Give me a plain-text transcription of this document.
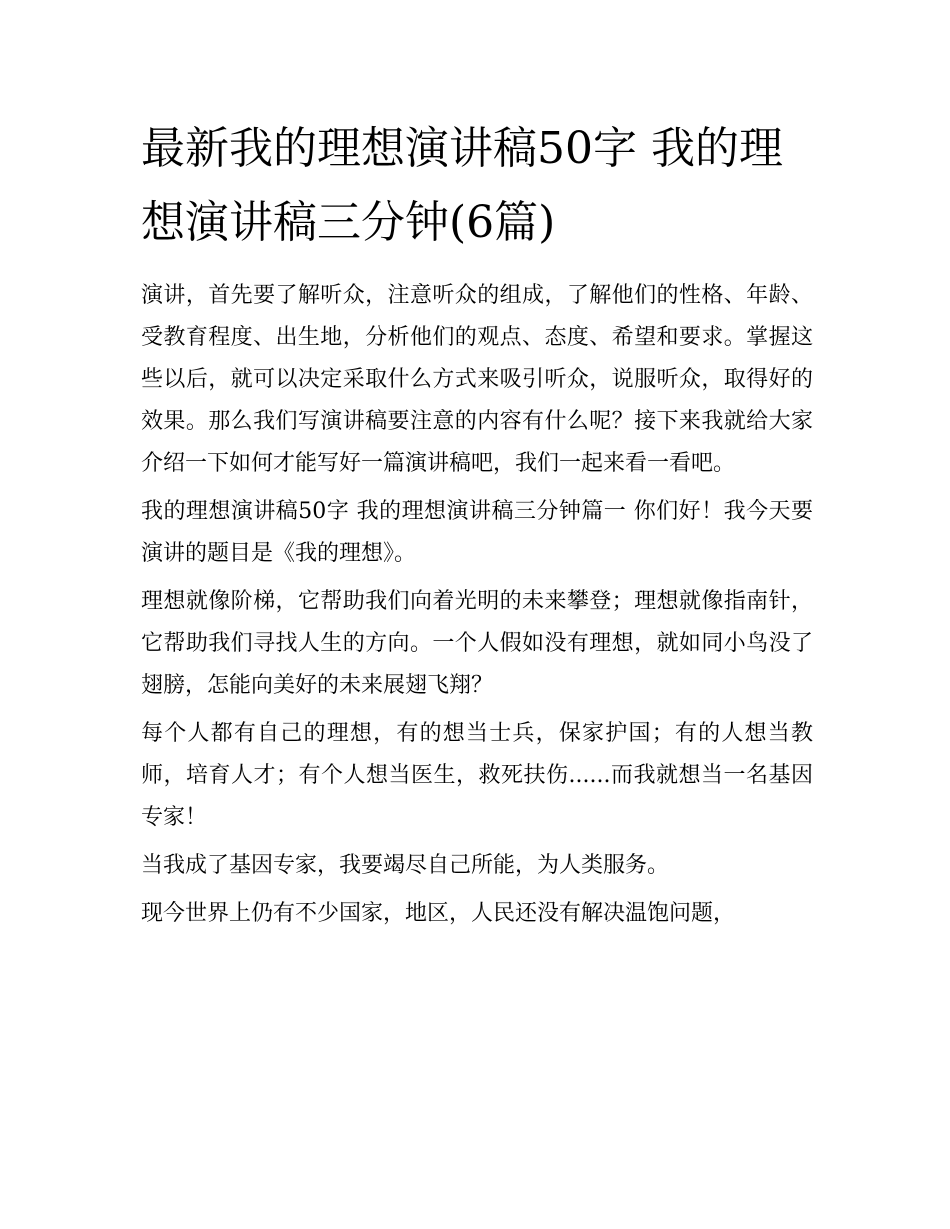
最新我的理想演讲稿50字 我的理想演讲稿三分钟(6篇)

演讲，首先要了解听众，注意听众的组成，了解他们的性格、年龄、受教育程度、出生地，分析他们的观点、态度、希望和要求。掌握这些以后，就可以决定采取什么方式来吸引听众，说服听众，取得好的效果。那么我们写演讲稿要注意的内容有什么呢？接下来我就给大家介绍一下如何才能写好一篇演讲稿吧，我们一起来看一看吧。

我的理想演讲稿50字 我的理想演讲稿三分钟篇一 你们好！我今天要演讲的题目是《我的理想》。

理想就像阶梯，它帮助我们向着光明的未来攀登；理想就像指南针，它帮助我们寻找人生的方向。一个人假如没有理想，就如同小鸟没了翅膀，怎能向美好的未来展翅飞翔？

每个人都有自己的理想，有的想当士兵，保家护国；有的人想当教师，培育人才；有个人想当医生，救死扶伤......而我就想当一名基因专家！

当我成了基因专家，我要竭尽自己所能，为人类服务。

现今世界上仍有不少国家，地区，人民还没有解决温饱问题，
